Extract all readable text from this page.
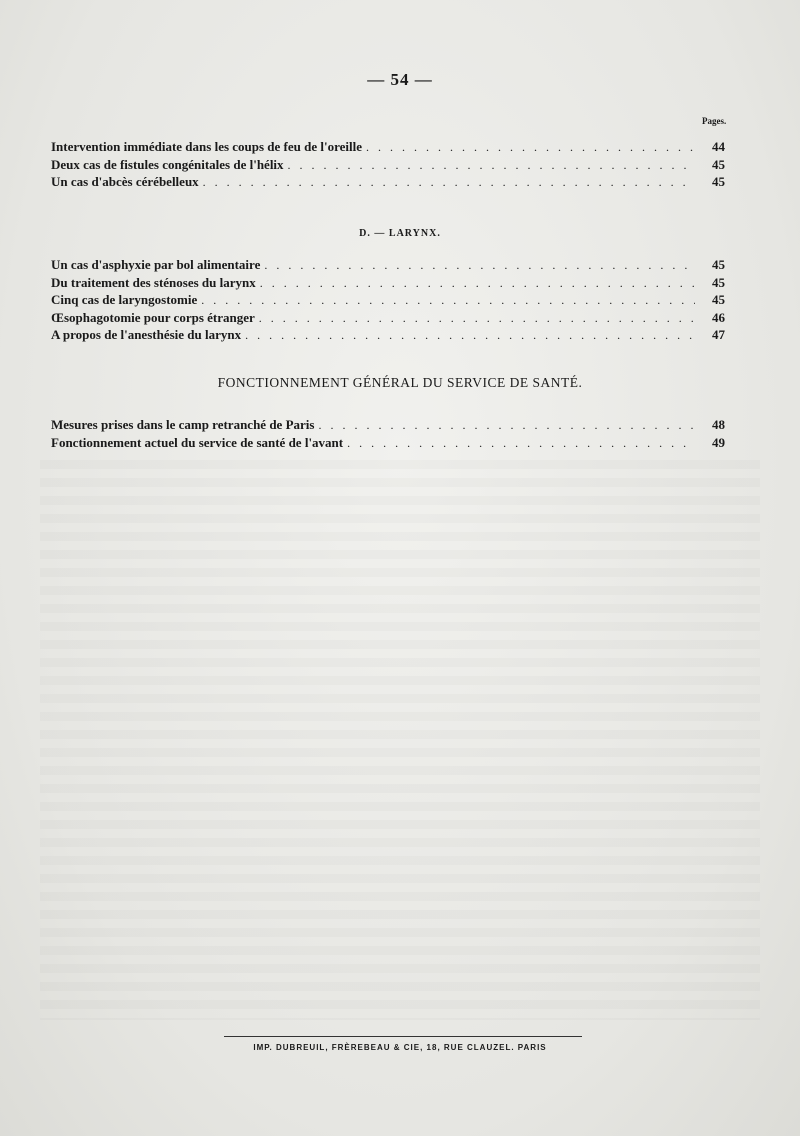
— 54 —
Pages.
Intervention immédiate dans les coups de feu de l'oreille . . .	44
Deux cas de fistules congénitales de l'hélix . . .	45
Un cas d'abcès cérébelleux . . .	45
D. — LARYNX.
Un cas d'asphyxie par bol alimentaire . . .	45
Du traitement des sténoses du larynx . . .	45
Cinq cas de laryngostomie . . .	45
Œsophagotomie pour corps étranger . . .	46
A propos de l'anesthésie du larynx . . .	47
FONCTIONNEMENT GÉNÉRAL DU SERVICE DE SANTÉ.
Mesures prises dans le camp retranché de Paris . . .	48
Fonctionnement actuel du service de santé de l'avant . . .	49
IMP. DUBREUIL, FRÈREBEAU & CIE, 18, RUE CLAUZEL. PARIS
